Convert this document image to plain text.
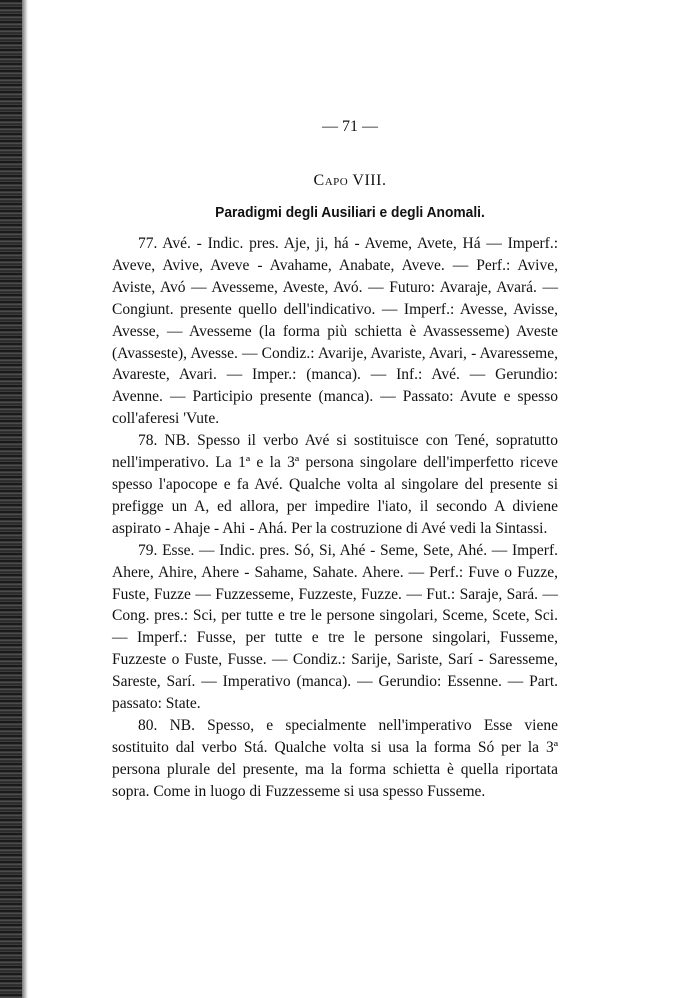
— 71 —
Capo VIII.
Paradigmi degli Ausiliari e degli Anomali.

77. Avé. - Indic. pres. Aje, ji, há - Aveme, Avete, Há — Imperf.: Aveve, Avive, Aveve - Avahame, Anabate, Aveve. — Perf.: Avive, Aviste, Avó — Avesseme, Aveste, Avó. — Futuro: Avaraje, Avará. — Congiunt. presente quello dell'indicativo. — Imperf.: Avesse, Avisse, Avesse, — Avesseme (la forma più schietta è Avassesseme) Aveste (Avasseste), Avesse. — Condiz.: Avarije, Avariste, Avari, - Avaresseme, Avareste, Avari. — Imper.: (manca). — Inf.: Avé. — Gerundio: Avenne. — Participio presente (manca). — Passato: Avute e spesso coll'aferesi 'Vute.

78. NB. Spesso il verbo Avé si sostituisce con Tené, sopratutto nell'imperativo. La 1ª e la 3ª persona singolare dell'imperfetto riceve spesso l'apocope e fa Avé. Qualche volta al singolare del presente si prefigge un A, ed allora, per impedire l'iato, il secondo A diviene aspirato - Ahaje - Ahi - Ahá. Per la costruzione di Avé vedi la Sintassi.

79. Esse. — Indic. pres. Só, Si, Ahé - Seme, Sete, Ahé. — Imperf. Ahere, Ahire, Ahere - Sahame, Sahate. Ahere. — Perf.: Fuve o Fuzze, Fuste, Fuzze — Fuzzesseme, Fuzzeste, Fuzze. — Fut.: Saraje, Sará. — Cong. pres.: Sci, per tutte e tre le persone singolari, Sceme, Scete, Sci. — Imperf.: Fusse, per tutte e tre le persone singolari, Fusseme, Fuzzeste o Fuste, Fusse. — Condiz.: Sarije, Sariste, Sarí - Saresseme, Sareste, Sarí. — Imperativo (manca). — Gerundio: Essenne. — Part. passato: State.

80. NB. Spesso, e specialmente nell'imperativo Esse viene sostituito dal verbo Stá. Qualche volta si usa la forma Só per la 3ª persona plurale del presente, ma la forma schietta è quella riportata sopra. Come in luogo di Fuzzesseme si usa spesso Fusseme.
